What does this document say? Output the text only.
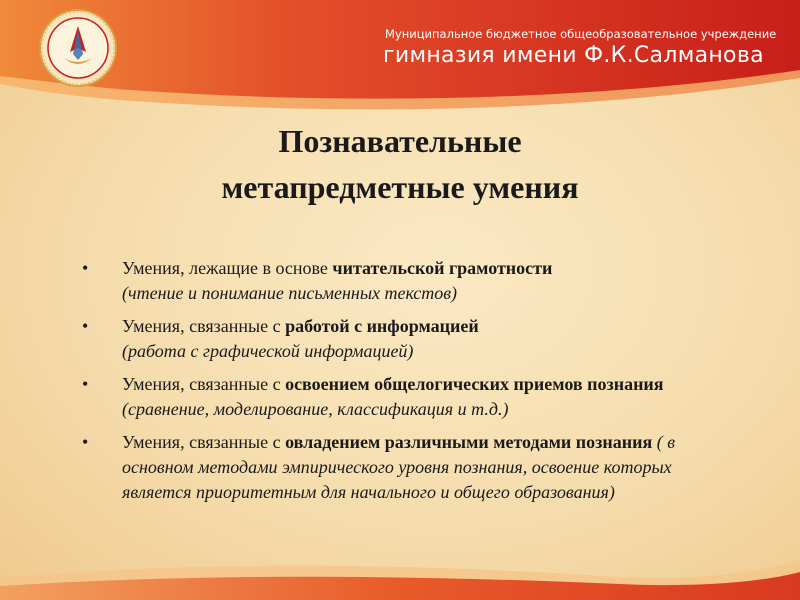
Муниципальное бюджетное общеобразовательное учреждение
гимназия имени Ф.К.Салманова
Познавательные
метапредметные умения
• Умения, лежащие в основе читательской грамотности
(чтение и понимание письменных текстов)
• Умения, связанные с работой с информацией
(работа с графической информацией)
• Умения, связанные с освоением общелогических приемов познания (сравнение, моделирование, классификация и т.д.)
• Умения, связанные с овладением различными методами познания ( в основном методами эмпирического уровня познания, освоение которых является приоритетным для начального и общего образования)
